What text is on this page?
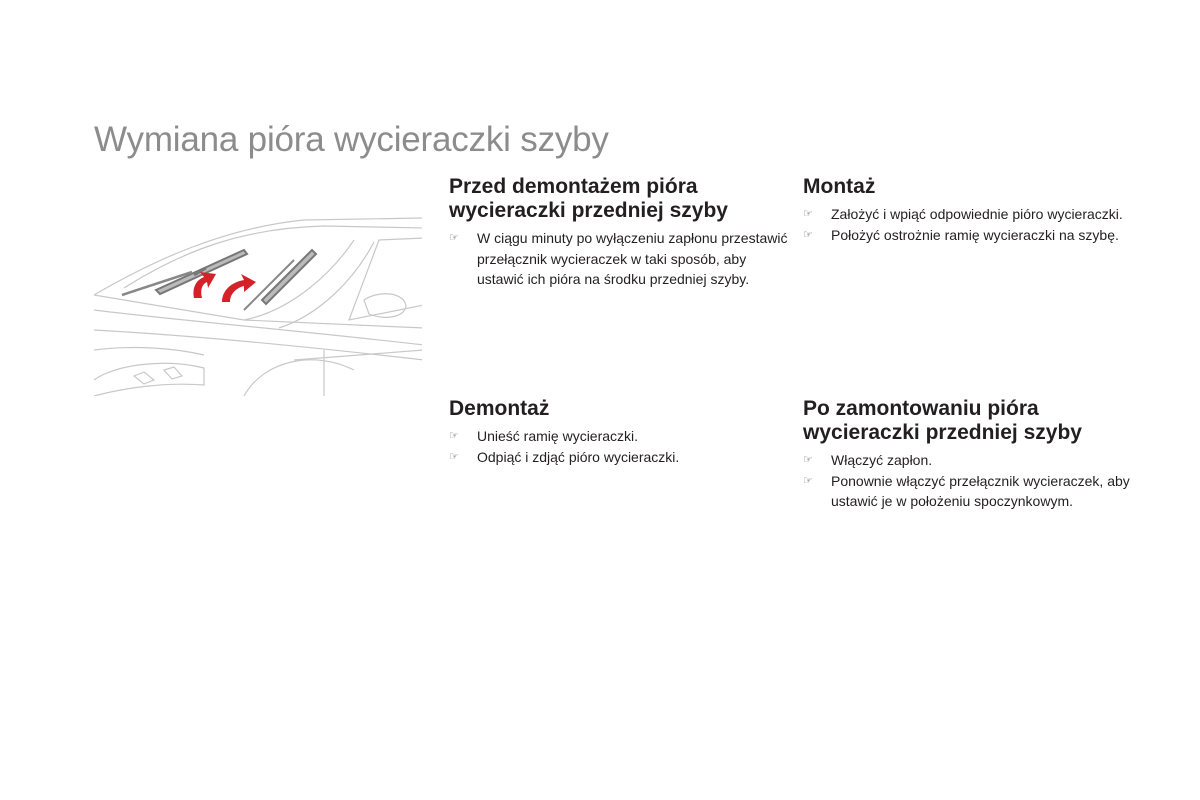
Wymiana pióra wycieraczki szyby
Przed demontażem pióra
wycieraczki przedniej szyby
☞ W ciągu minuty po wyłączeniu zapłonu przestawić przełącznik wycieraczek w taki sposób, aby ustawić ich pióra na środku przedniej szyby.
Montaż
☞ Założyć i wpiąć odpowiednie pióro wycieraczki.
☞ Położyć ostrożnie ramię wycieraczki na szybę.
Demontaż
☞ Unieść ramię wycieraczki.
☞ Odpiąć i zdjąć pióro wycieraczki.
Po zamontowaniu pióra
wycieraczki przedniej szyby
☞ Włączyć zapłon.
☞ Ponownie włączyć przełącznik wycieraczek, aby ustawić je w położeniu spoczynkowym.
